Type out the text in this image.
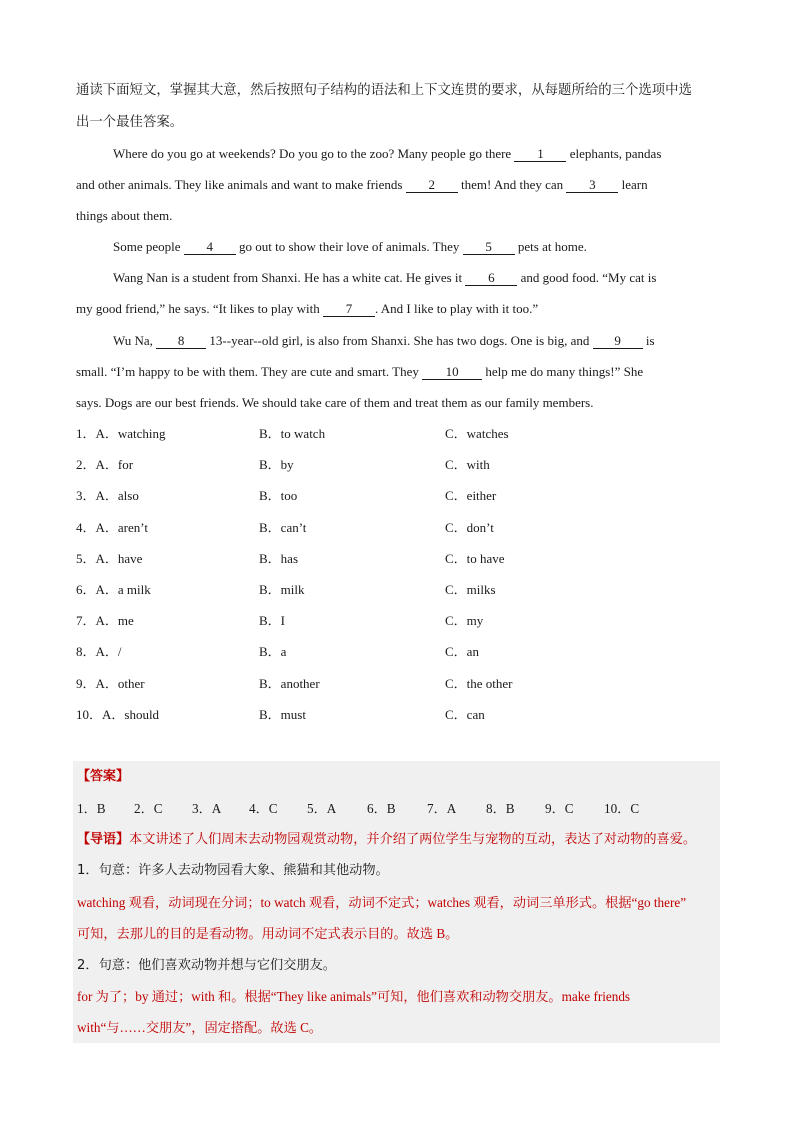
通读下面短文，掌握其大意，然后按照句子结构的语法和上下文连贯的要求，从每题所给的三个选项中选
出一个最佳答案。
Where do you go at weekends? Do you go to the zoo? Many people go there 1 elephants, pandas
and other animals. They like animals and want to make friends 2 them! And they can 3 learn
things about them.
Some people 4 go out to show their love of animals. They 5 pets at home.
Wang Nan is a student from Shanxi. He has a white cat. He gives it 6 and good food. “My cat is
my good friend,” he says. “It likes to play with 7 . And I like to play with it too.”
Wu Na, 8 13--year--old girl, is also from Shanxi. She has two dogs. One is big, and 9 is
small. “I’m happy to be with them. They are cute and smart. They 10 help me do many things!” She
says. Dogs are our best friends. We should take care of them and treat them as our family members.
1．A．watching	B．to watch	C．watches
2．A．for	B．by	C．with
3．A．also	B．too	C．either
4．A．aren’t	B．can’t	C．don’t
5．A．have	B．has	C．to have
6．A．a milk	B．milk	C．milks
7．A．me	B．I	C．my
8．A．/	B．a	C．an
9．A．other	B．another	C．the other
10．A．should	B．must	C．can
【答案】
1．B 2．C 3．A 4．C 5．A 6．B 7．A 8．B 9．C 10．C
【导语】本文讲述了人们周末去动物园观赏动物，并介绍了两位学生与宠物的互动，表达了对动物的喜爱。
1．句意：许多人去动物园看大象、熊猫和其他动物。
watching 观看，动词现在分词；to watch 观看，动词不定式；watches 观看，动词三单形式。根据“go there”
可知，去那儿的目的是看动物。用动词不定式表示目的。故选 B。
2．句意：他们喜欢动物并想与它们交朋友。
for 为了；by 通过；with 和。根据“They like animals”可知，他们喜欢和动物交朋友。make friends
with“与……交朋友”，固定搭配。故选 C。
